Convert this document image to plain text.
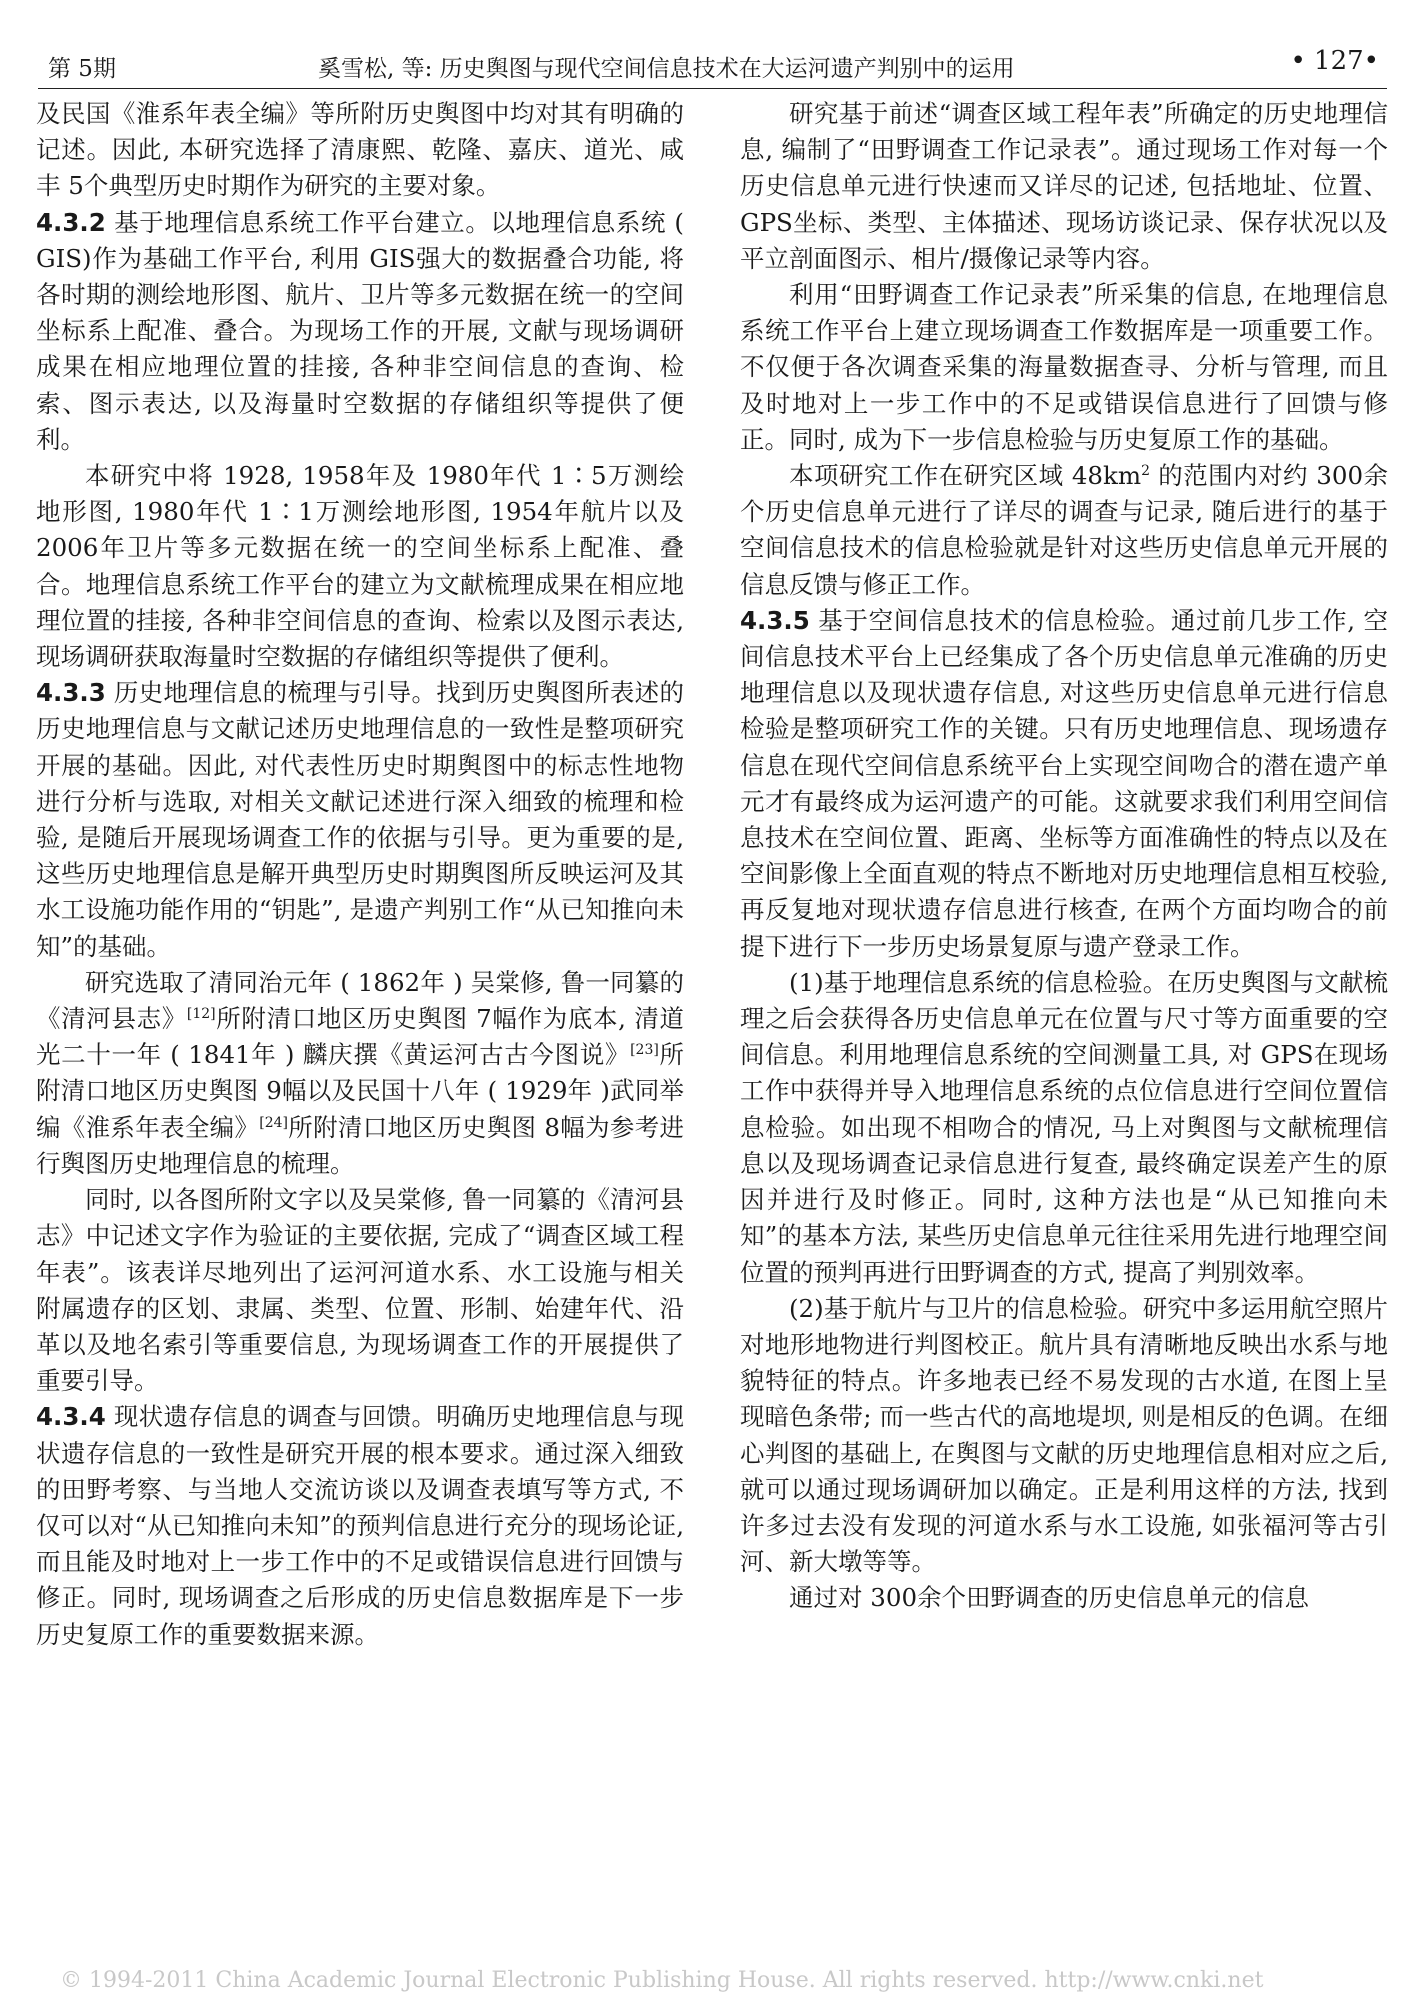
第 5期	奚雪松, 等: 历史舆图与现代空间信息技术在大运河遗产判别中的运用	• 127•

及民国《淮系年表全编》等所附历史舆图中均对其有明确的记述。因此, 本研究选择了清康熙、乾隆、嘉庆、道光、咸丰 5个典型历史时期作为研究的主要对象。

4.3.2 基于地理信息系统工作平台建立。以地理信息系统 ( GIS)作为基础工作平台, 利用 GIS强大的数据叠合功能, 将各时期的测绘地形图、航片、卫片等多元数据在统一的空间坐标系上配准、叠合。为现场工作的开展, 文献与现场调研成果在相应地理位置的挂接, 各种非空间信息的查询、检索、图示表达, 以及海量时空数据的存储组织等提供了便利。

本研究中将 1928, 1958年及 1980年代 1∶5万测绘地形图, 1980年代 1∶1万测绘地形图, 1954年航片以及 2006年卫片等多元数据在统一的空间坐标系上配准、叠合。地理信息系统工作平台的建立为文献梳理成果在相应地理位置的挂接, 各种非空间信息的查询、检索以及图示表达, 现场调研获取海量时空数据的存储组织等提供了便利。

4.3.3 历史地理信息的梳理与引导。找到历史舆图所表述的历史地理信息与文献记述历史地理信息的一致性是整项研究开展的基础。因此, 对代表性历史时期舆图中的标志性地物进行分析与选取, 对相关文献记述进行深入细致的梳理和检验, 是随后开展现场调查工作的依据与引导。更为重要的是, 这些历史地理信息是解开典型历史时期舆图所反映运河及其水工设施功能作用的“钥匙”, 是遗产判别工作“从已知推向未知”的基础。

研究选取了清同治元年 ( 1862年 ) 吴棠修, 鲁一同纂的《清河县志》[12]所附清口地区历史舆图 7幅作为底本, 清道光二十一年 ( 1841年 ) 麟庆撰《黄运河古古今图说》[23]所附清口地区历史舆图 9幅以及民国十八年 ( 1929年 )武同举编《淮系年表全编》[24]所附清口地区历史舆图 8幅为参考进行舆图历史地理信息的梳理。

同时, 以各图所附文字以及吴棠修, 鲁一同纂的《清河县志》中记述文字作为验证的主要依据, 完成了“调查区域工程年表”。该表详尽地列出了运河河道水系、水工设施与相关附属遗存的区划、隶属、类型、位置、形制、始建年代、沿革以及地名索引等重要信息, 为现场调查工作的开展提供了重要引导。

4.3.4 现状遗存信息的调查与回馈。明确历史地理信息与现状遗存信息的一致性是研究开展的根本要求。通过深入细致的田野考察、与当地人交流访谈以及调查表填写等方式, 不仅可以对“从已知推向未知”的预判信息进行充分的现场论证, 而且能及时地对上一步工作中的不足或错误信息进行回馈与修正。同时, 现场调查之后形成的历史信息数据库是下一步历史复原工作的重要数据来源。

研究基于前述“调查区域工程年表”所确定的历史地理信息, 编制了“田野调查工作记录表”。通过现场工作对每一个历史信息单元进行快速而又详尽的记述, 包括地址、位置、GPS坐标、类型、主体描述、现场访谈记录、保存状况以及平立剖面图示、相片/摄像记录等内容。

利用“田野调查工作记录表”所采集的信息, 在地理信息系统工作平台上建立现场调查工作数据库是一项重要工作。不仅便于各次调查采集的海量数据查寻、分析与管理, 而且及时地对上一步工作中的不足或错误信息进行了回馈与修正。同时, 成为下一步信息检验与历史复原工作的基础。

本项研究工作在研究区域 $48km^2$ 的范围内对约 300余个历史信息单元进行了详尽的调查与记录, 随后进行的基于空间信息技术的信息检验就是针对这些历史信息单元开展的信息反馈与修正工作。

4.3.5 基于空间信息技术的信息检验。通过前几步工作, 空间信息技术平台上已经集成了各个历史信息单元准确的历史地理信息以及现状遗存信息, 对这些历史信息单元进行信息检验是整项研究工作的关键。只有历史地理信息、现场遗存信息在现代空间信息系统平台上实现空间吻合的潜在遗产单元才有最终成为运河遗产的可能。这就要求我们利用空间信息技术在空间位置、距离、坐标等方面准确性的特点以及在空间影像上全面直观的特点不断地对历史地理信息相互校验, 再反复地对现状遗存信息进行核查, 在两个方面均吻合的前提下进行下一步历史场景复原与遗产登录工作。

(1)基于地理信息系统的信息检验。在历史舆图与文献梳理之后会获得各历史信息单元在位置与尺寸等方面重要的空间信息。利用地理信息系统的空间测量工具, 对 GPS在现场工作中获得并导入地理信息系统的点位信息进行空间位置信息检验。如出现不相吻合的情况, 马上对舆图与文献梳理信息以及现场调查记录信息进行复查, 最终确定误差产生的原因并进行及时修正。同时, 这种方法也是“从已知推向未知”的基本方法, 某些历史信息单元往往采用先进行地理空间位置的预判再进行田野调查的方式, 提高了判别效率。

(2)基于航片与卫片的信息检验。研究中多运用航空照片对地形地物进行判图校正。航片具有清晰地反映出水系与地貌特征的特点。许多地表已经不易发现的古水道, 在图上呈现暗色条带; 而一些古代的高地堤坝, 则是相反的色调。在细心判图的基础上, 在舆图与文献的历史地理信息相对应之后, 就可以通过现场调研加以确定。正是利用这样的方法, 找到许多过去没有发现的河道水系与水工设施, 如张福河等古引河、新大墩等等。

通过对 300余个田野调查的历史信息单元的信息

© 1994-2011 China Academic Journal Electronic Publishing House. All rights reserved. http://www.cnki.net
